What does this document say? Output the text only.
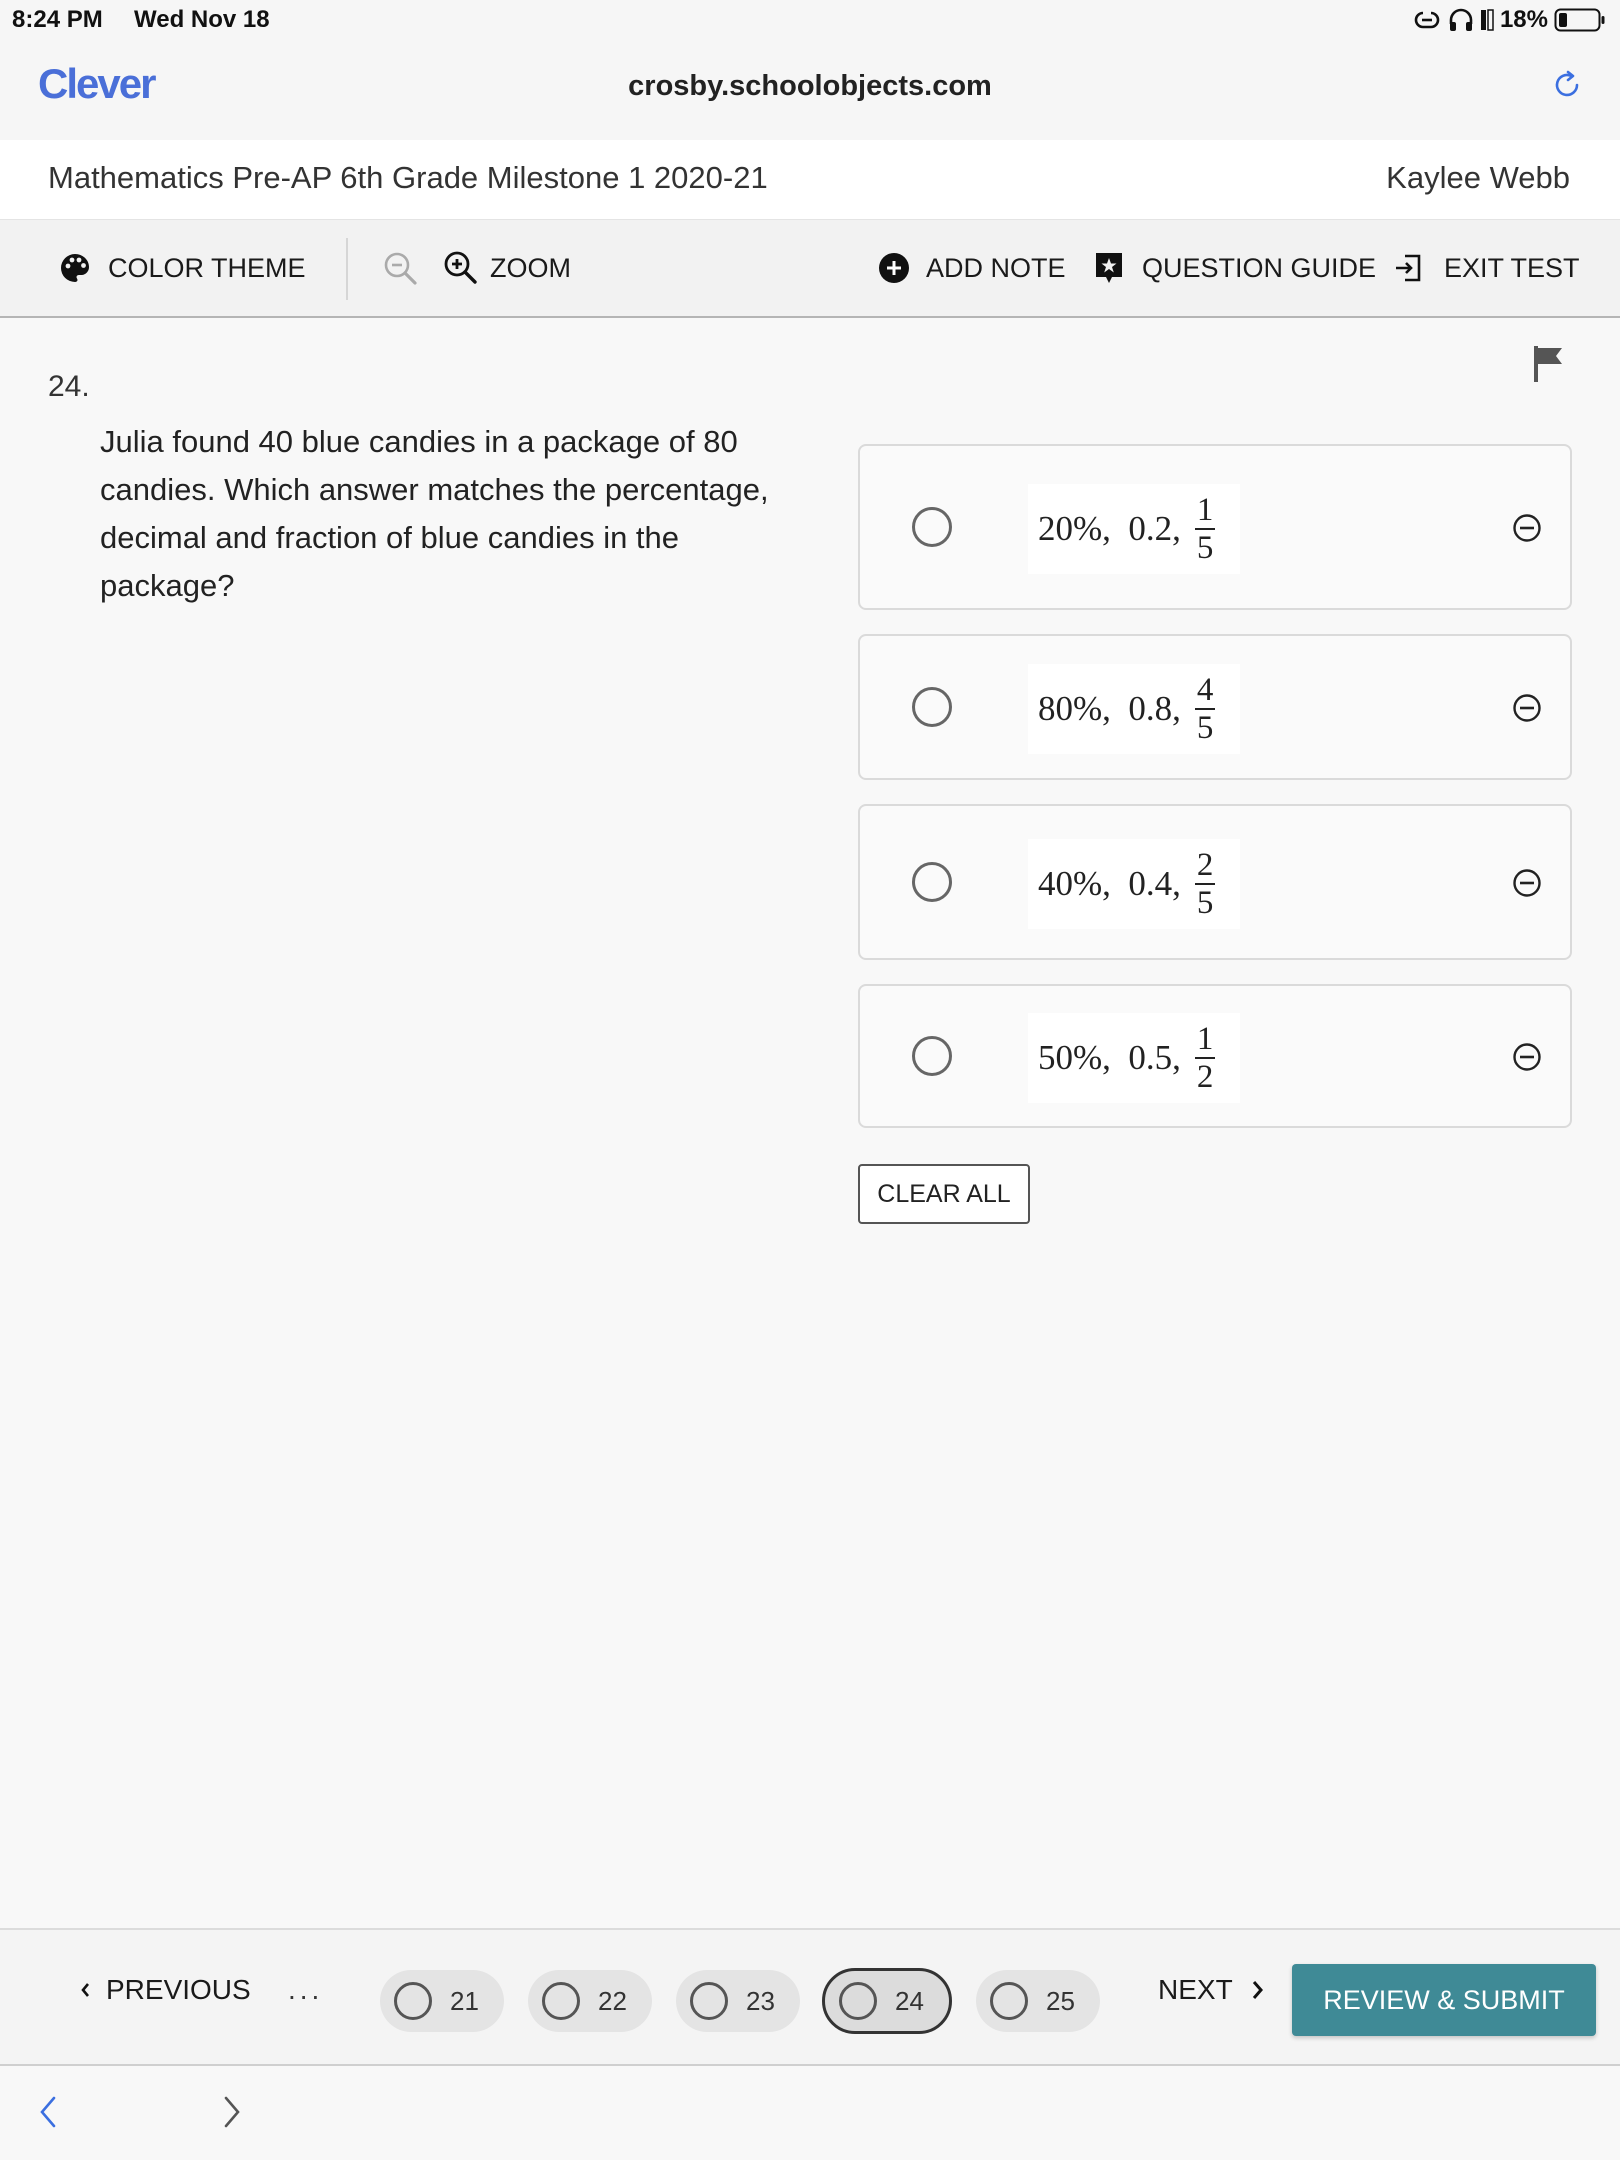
8:24 PM Wed Nov 18	18%
Clever	crosby.schoolobjects.com
Mathematics Pre-AP 6th Grade Milestone 1 2020-21	Kaylee Webb
COLOR THEME	ZOOM	ADD NOTE	QUESTION GUIDE	EXIT TEST
24.
Julia found 40 blue candies in a package of 80 candies. Which answer matches the percentage, decimal and fraction of blue candies in the package?
20%,  0.2, $\frac{1}{5}$
80%,  0.8, $\frac{4}{5}$
40%,  0.4, $\frac{2}{5}$
50%,  0.5, $\frac{1}{2}$
CLEAR ALL
PREVIOUS ...	21	22	23	24	25	NEXT	REVIEW & SUBMIT
